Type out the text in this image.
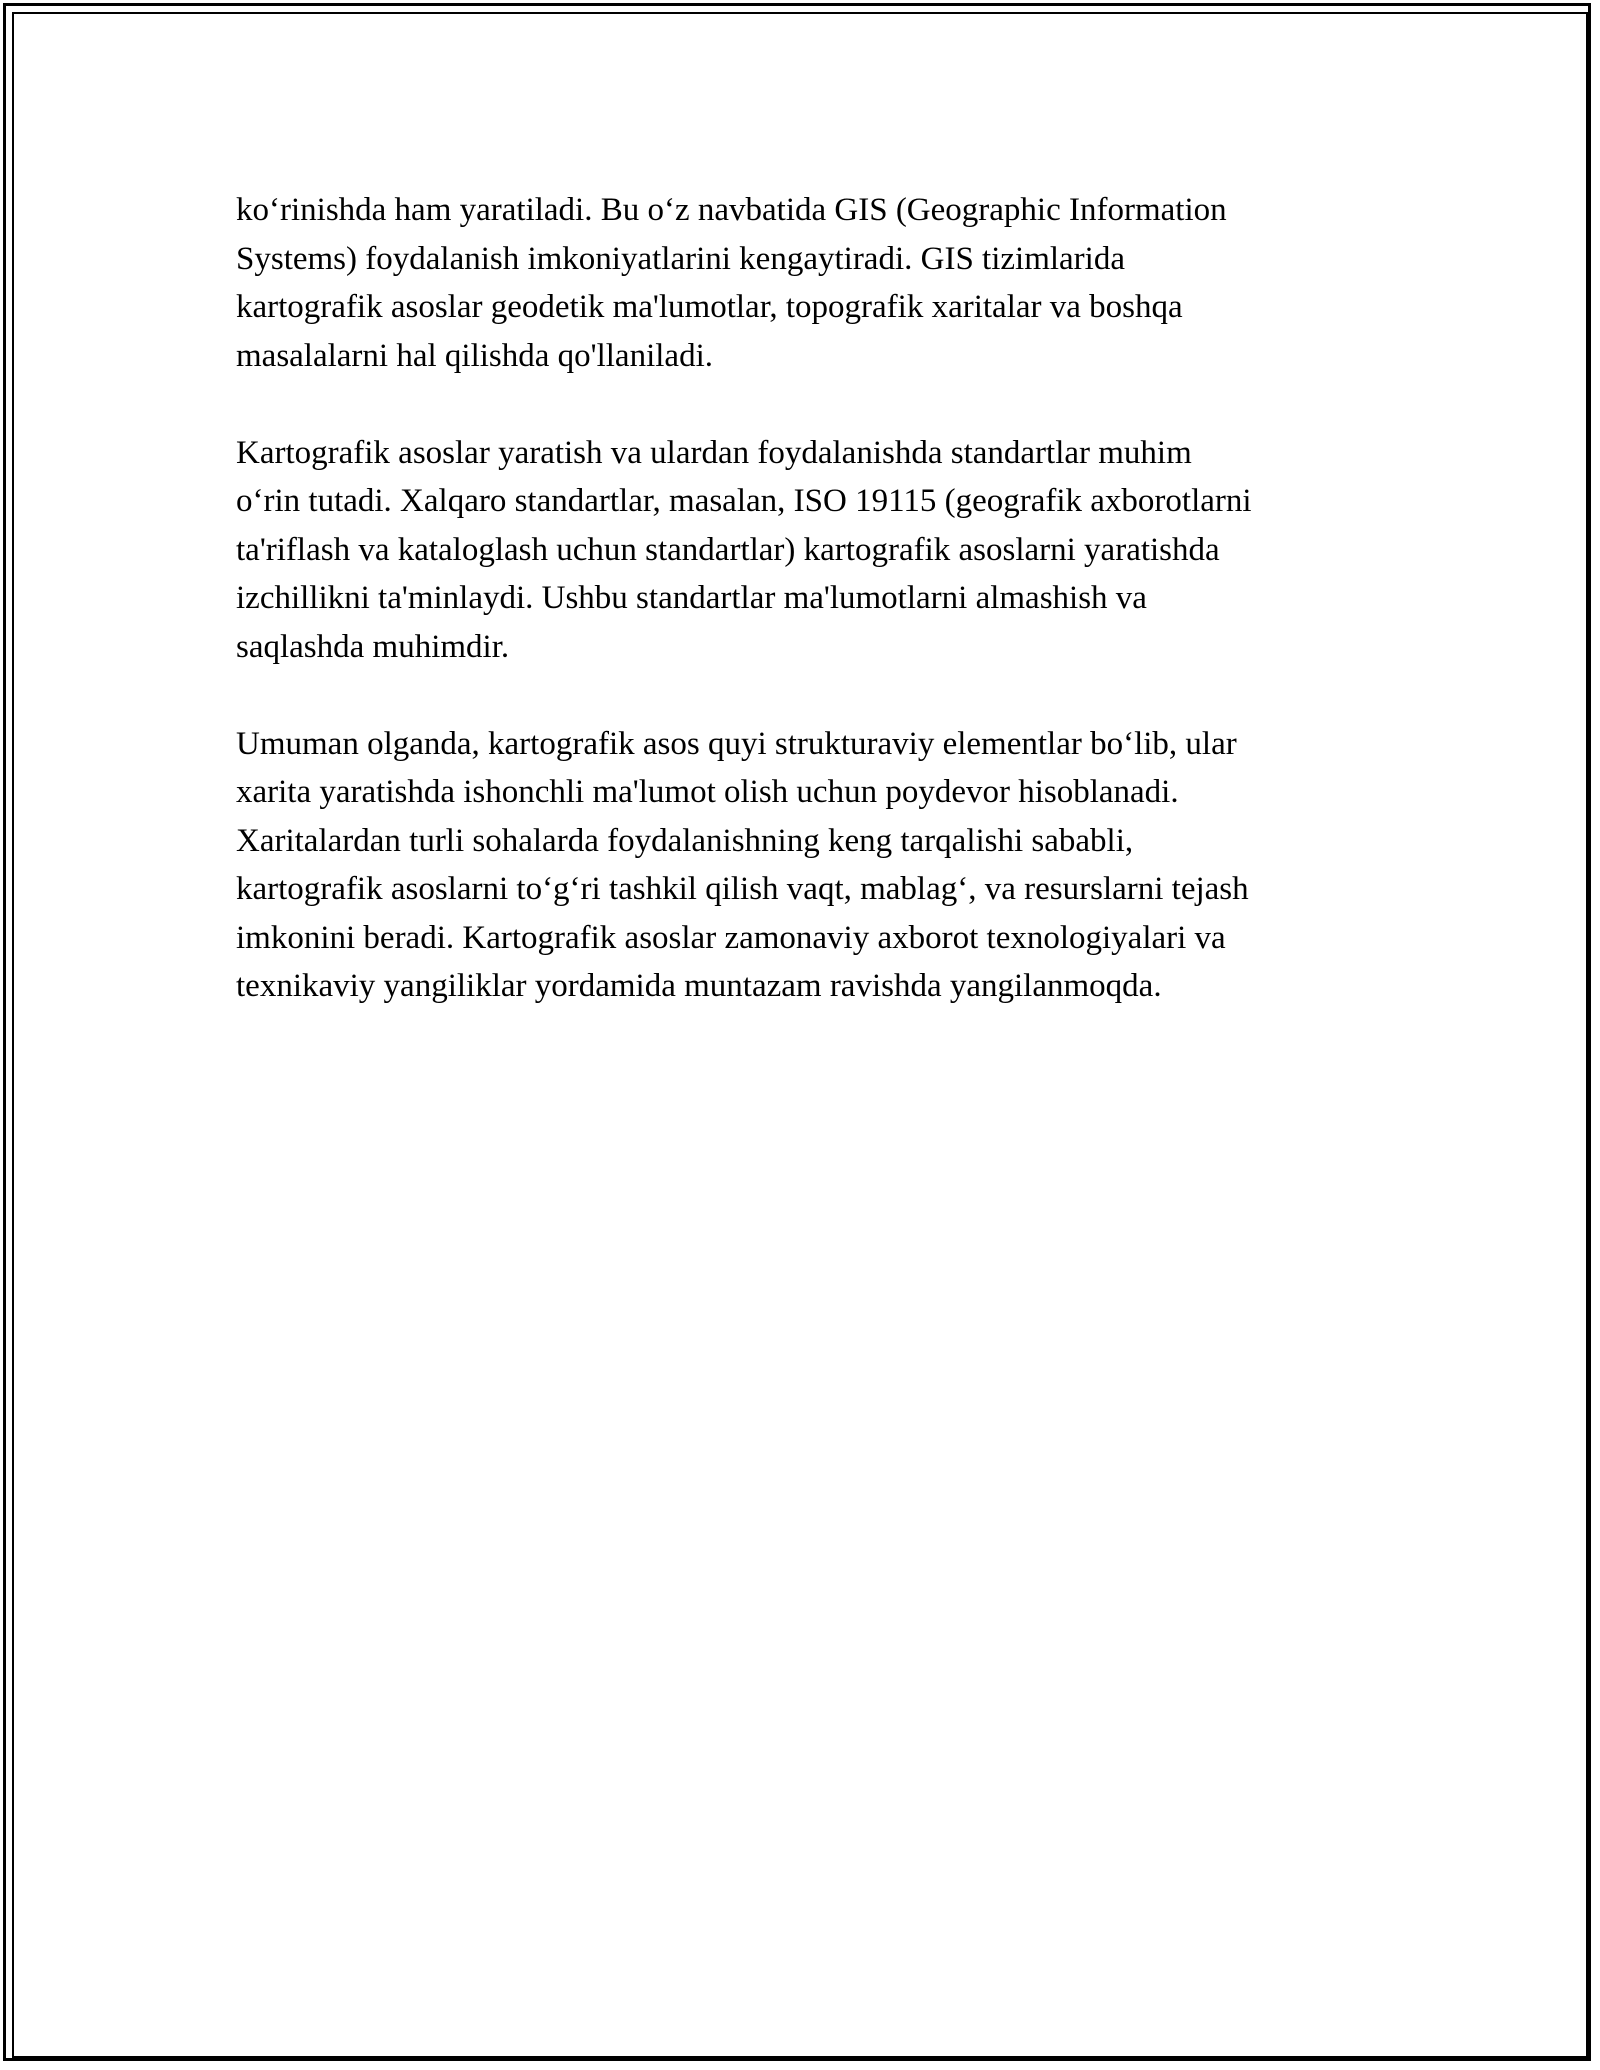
koʻrinishda ham yaratiladi. Bu oʻz navbatida GIS (Geographic Information
Systems) foydalanish imkoniyatlarini kengaytiradi. GIS tizimlarida
kartografik asoslar geodetik ma'lumotlar, topografik xaritalar va boshqa
masalalarni hal qilishda qo'llaniladi.

Kartografik asoslar yaratish va ulardan foydalanishda standartlar muhim
oʻrin tutadi. Xalqaro standartlar, masalan, ISO 19115 (geografik axborotlarni
ta'riflash va kataloglash uchun standartlar) kartografik asoslarni yaratishda
izchillikni ta'minlaydi. Ushbu standartlar ma'lumotlarni almashish va
saqlashda muhimdir.

Umuman olganda, kartografik asos quyi strukturaviy elementlar boʻlib, ular
xarita yaratishda ishonchli ma'lumot olish uchun poydevor hisoblanadi.
Xaritalardan turli sohalarda foydalanishning keng tarqalishi sababli,
kartografik asoslarni toʻgʻri tashkil qilish vaqt, mablagʻ, va resurslarni tejash
imkonini beradi. Kartografik asoslar zamonaviy axborot texnologiyalari va
texnikaviy yangiliklar yordamida muntazam ravishda yangilanmoqda.
